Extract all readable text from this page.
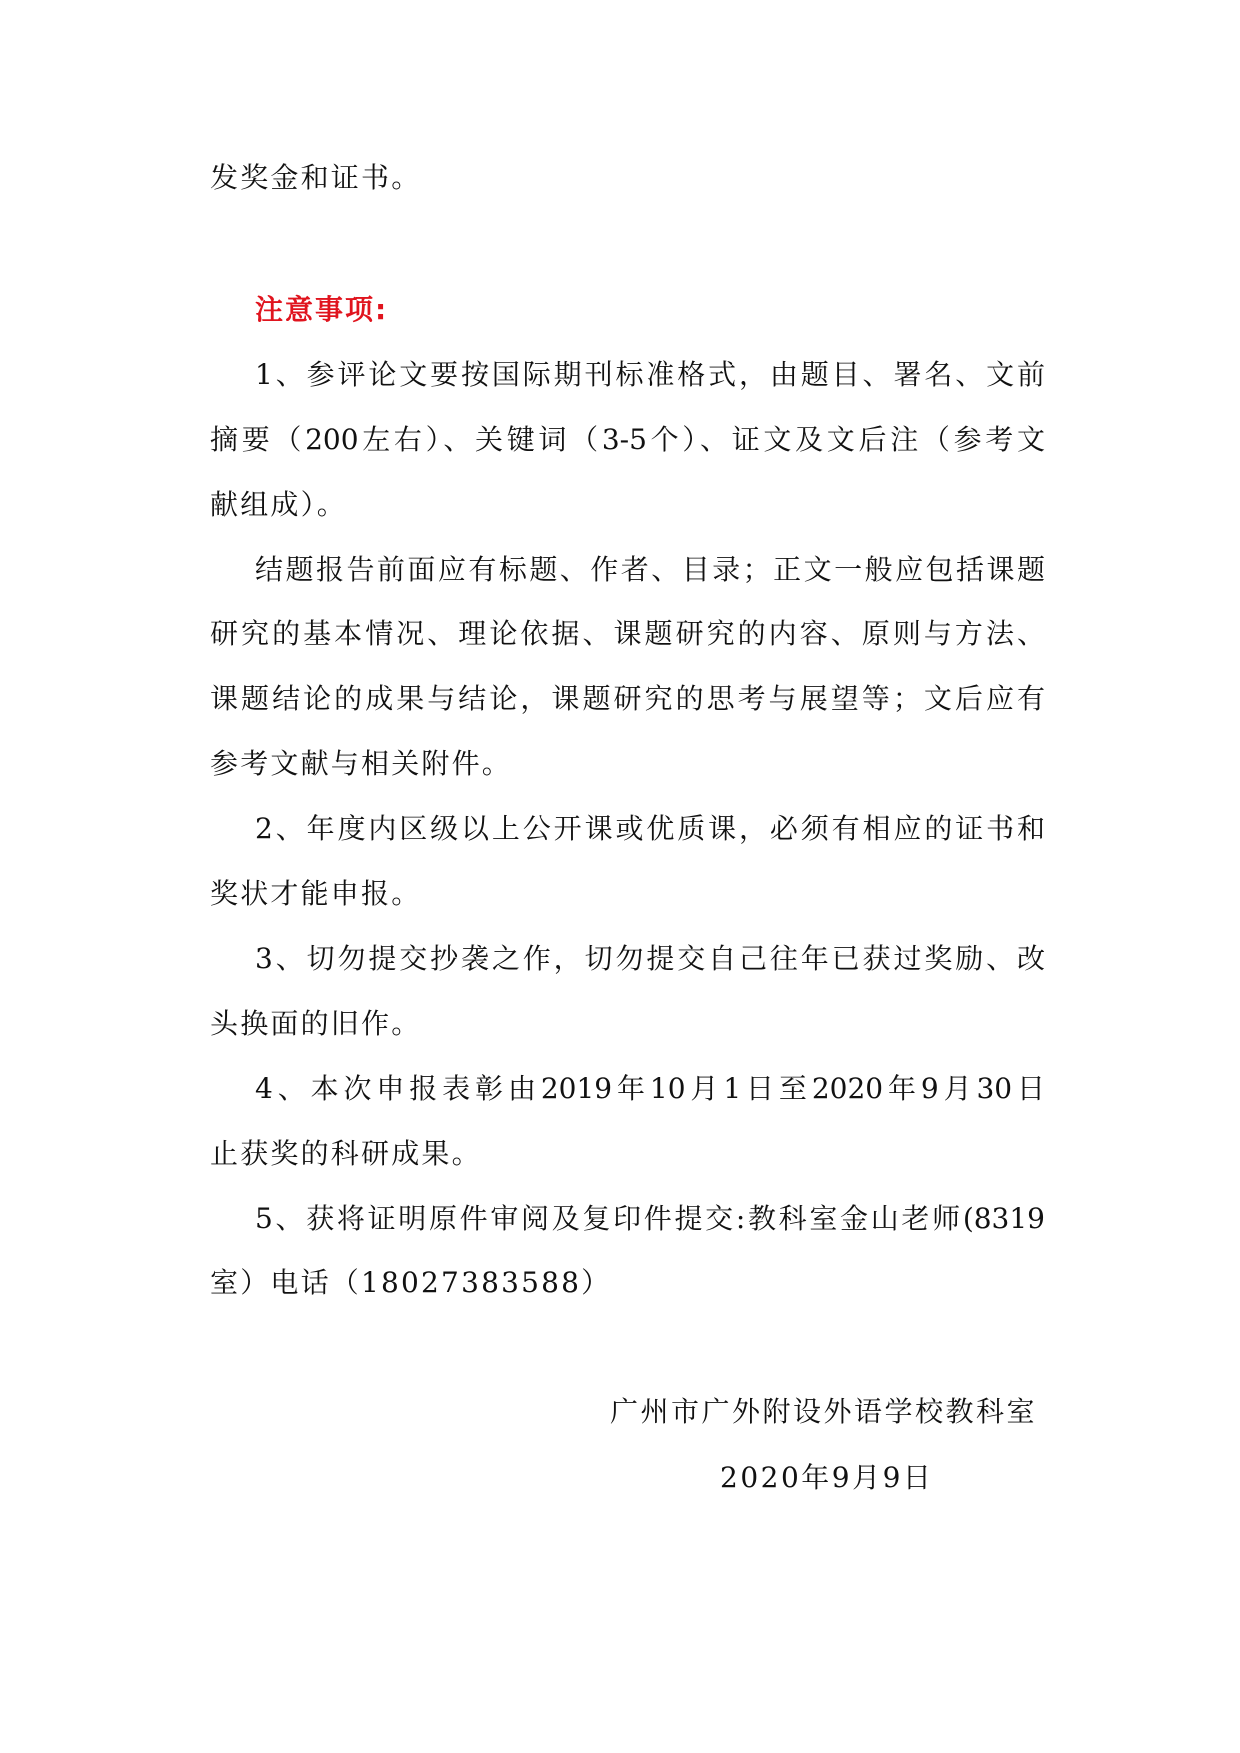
发奖金和证书。

注意事项:

1、参评论文要按国际期刊标准格式，由题目、署名、文前

摘要（200左右）、关键词（3-5个）、证文及文后注（参考文

献组成）。

结题报告前面应有标题、作者、目录；正文一般应包括课题

研究的基本情况、理论依据、课题研究的内容、原则与方法、

课题结论的成果与结论，课题研究的思考与展望等；文后应有

参考文献与相关附件。

2、年度内区级以上公开课或优质课，必须有相应的证书和

奖状才能申报。

3、切勿提交抄袭之作，切勿提交自己往年已获过奖励、改

头换面的旧作。

4、本次申报表彰由2019年10月1日至2020年9月30日

止获奖的科研成果。

5、获将证明原件审阅及复印件提交:教科室金山老师(8319

室）电话（18027383588）

广州市广外附设外语学校教科室

2020年9月9日
